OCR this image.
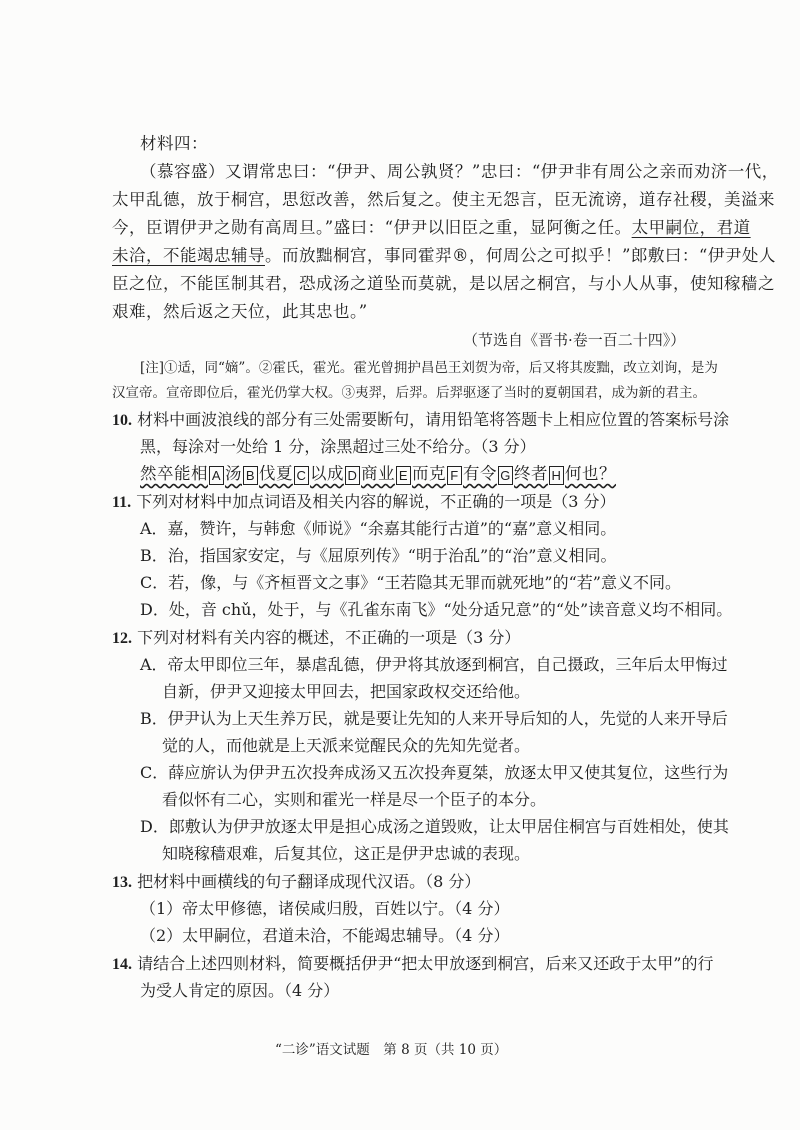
材料四：
（慕容盛）又谓常忠曰：“伊尹、周公孰贤？”忠曰：“伊尹非有周公之亲而劝济一代，
太甲乱德，放于桐宫，思愆改善，然后复之。使主无怨言，臣无流谤，道存社稷，美溢来
今，臣谓伊尹之勋有高周旦。”盛曰：“伊尹以旧臣之重，显阿衡之任。太甲嗣位，君道
未洽，不能竭忠辅导。而放黜桐宫，事同霍羿®，何周公之可拟乎！”郎敷曰：“伊尹处人
臣之位，不能匡制其君，恐成汤之道坠而莫就，是以居之桐宫，与小人从事，使知稼穑之
艰难，然后返之天位，此其忠也。”
（节选自《晋书·卷一百二十四》）
[注]①适，同“嫡”。②霍氏，霍光。霍光曾拥护昌邑王刘贺为帝，后又将其废黜，改立刘询，是为
汉宣帝。宣帝即位后，霍光仍掌大权。③夷羿，后羿。后羿驱逐了当时的夏朝国君，成为新的君主。
10. 材料中画波浪线的部分有三处需要断句，请用铅笔将答题卡上相应位置的答案标号涂
黑，每涂对一处给 1 分，涂黑超过三处不给分。（3 分）
然卒能相 A 汤 B 伐夏 C 以成 D 商业 E 而克 F 有令 G 终者 H 何也？
11. 下列对材料中加点词语及相关内容的解说，不正确的一项是（3 分）
A．嘉，赞许，与韩愈《师说》“余嘉其能行古道”的“嘉”意义相同。
B．治，指国家安定，与《屈原列传》“明于治乱”的“治”意义相同。
C．若，像，与《齐桓晋文之事》“王若隐其无罪而就死地”的“若”意义不同。
D．处，音 chǔ，处于，与《孔雀东南飞》“处分适兄意”的“处”读音意义均不相同。
12. 下列对材料有关内容的概述，不正确的一项是（3 分）
A．帝太甲即位三年，暴虐乱德，伊尹将其放逐到桐宫，自己摄政，三年后太甲悔过
自新，伊尹又迎接太甲回去，把国家政权交还给他。
B．伊尹认为上天生养万民，就是要让先知的人来开导后知的人，先觉的人来开导后
觉的人，而他就是上天派来觉醒民众的先知先觉者。
C．薛应旂认为伊尹五次投奔成汤又五次投奔夏桀，放逐太甲又使其复位，这些行为
看似怀有二心，实则和霍光一样是尽一个臣子的本分。
D．郎敷认为伊尹放逐太甲是担心成汤之道毁败，让太甲居住桐宫与百姓相处，使其
知晓稼穑艰难，后复其位，这正是伊尹忠诚的表现。
13. 把材料中画横线的句子翻译成现代汉语。（8 分）
（1）帝太甲修德，诸侯咸归殷，百姓以宁。（4 分）
（2）太甲嗣位，君道未洽，不能竭忠辅导。（4 分）
14. 请结合上述四则材料，简要概括伊尹“把太甲放逐到桐宫，后来又还政于太甲”的行
为受人肯定的原因。（4 分）
“二诊”语文试题　第 8 页（共 10 页）
